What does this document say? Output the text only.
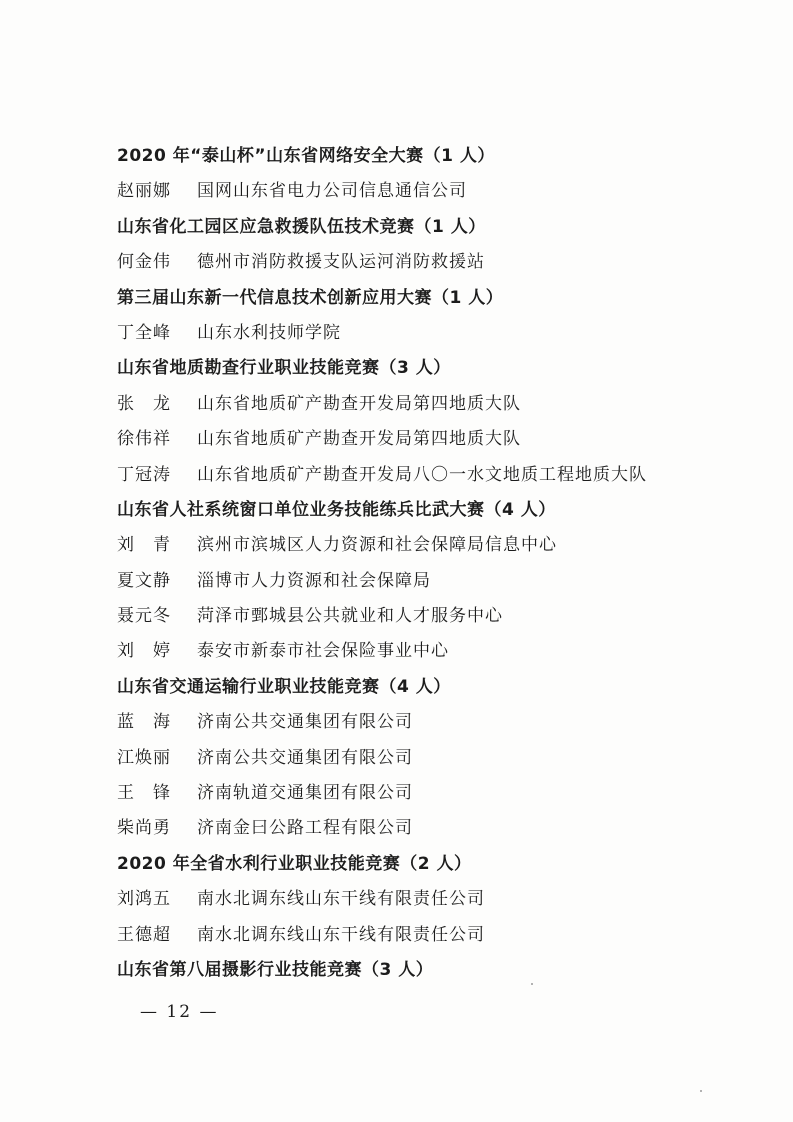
2020 年“泰山杯”山东省网络安全大赛（1 人）
赵丽娜 国网山东省电力公司信息通信公司
山东省化工园区应急救援队伍技术竞赛（1 人）
何金伟 德州市消防救援支队运河消防救援站
第三届山东新一代信息技术创新应用大赛（1 人）
丁全峰 山东水利技师学院
山东省地质勘查行业职业技能竞赛（3 人）
张　龙 山东省地质矿产勘查开发局第四地质大队
徐伟祥 山东省地质矿产勘查开发局第四地质大队
丁冠涛 山东省地质矿产勘查开发局八〇一水文地质工程地质大队
山东省人社系统窗口单位业务技能练兵比武大赛（4 人）
刘　青 滨州市滨城区人力资源和社会保障局信息中心
夏文静 淄博市人力资源和社会保障局
聂元冬 菏泽市鄄城县公共就业和人才服务中心
刘　婷 泰安市新泰市社会保险事业中心
山东省交通运输行业职业技能竞赛（4 人）
蓝　海 济南公共交通集团有限公司
江焕丽 济南公共交通集团有限公司
王　锋 济南轨道交通集团有限公司
柴尚勇 济南金曰公路工程有限公司
2020 年全省水利行业职业技能竞赛（2 人）
刘鸿五 南水北调东线山东干线有限责任公司
王德超 南水北调东线山东干线有限责任公司
山东省第八届摄影行业技能竞赛（3 人）
— 12 —
